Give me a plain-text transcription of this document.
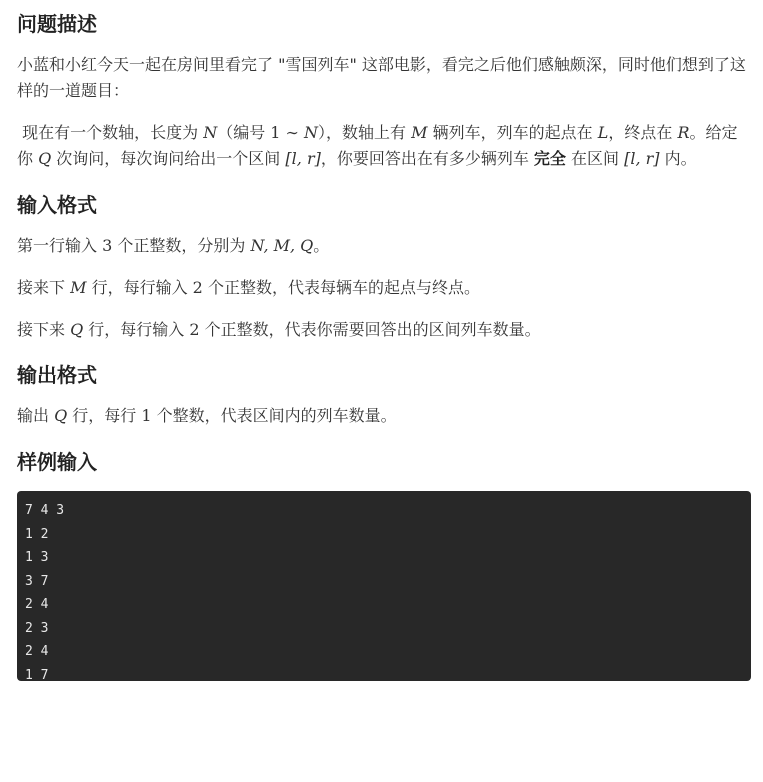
问题描述

小蓝和小红今天一起在房间里看完了 "雪国列车" 这部电影，看完之后他们感触颇深，同时他们想到了这样的一道题目：

现在有一个数轴，长度为 N（编号 1 ∼ N），数轴上有 M 辆列车，列车的起点在 L，终点在 R。给定你 Q 次询问，每次询问给出一个区间 [l, r]，你要回答出在有多少辆列车 完全 在区间 [l, r] 内。

输入格式

第一行输入 3 个正整数，分别为 N, M, Q。

接来下 M 行，每行输入 2 个正整数，代表每辆车的起点与终点。

接下来 Q 行，每行输入 2 个正整数，代表你需要回答出的区间列车数量。

输出格式

输出 Q 行，每行 1 个整数，代表区间内的列车数量。

样例输入
7 4 3
1 2
1 3
3 7
2 4
2 3
2 4
1 7
